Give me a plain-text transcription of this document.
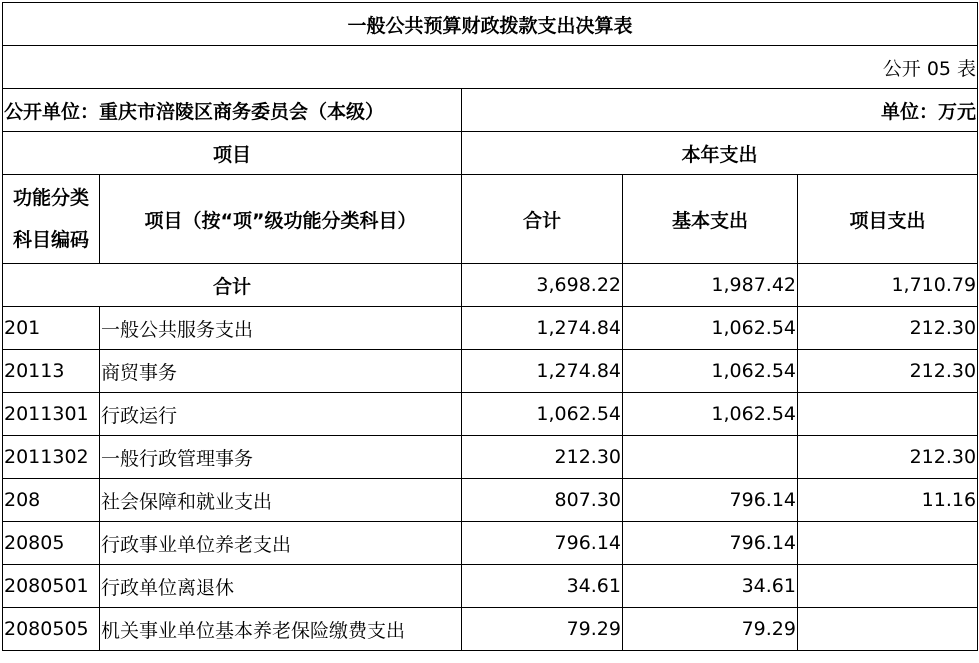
一般公共预算财政拨款支出决算表				
公开 05 表				
公开单位：重庆市涪陵区商务委员会（本级）		单位：万元		
项目		本年支出		
功能分类科目编码	项目（按“项”级功能分类科目）	合计	基本支出	项目支出
合计		3,698.22	1,987.42	1,710.79
201	一般公共服务支出	1,274.84	1,062.54	212.30
20113	商贸事务	1,274.84	1,062.54	212.30
2011301	行政运行	1,062.54	1,062.54	
2011302	一般行政管理事务	212.30		212.30
208	社会保障和就业支出	807.30	796.14	11.16
20805	行政事业单位养老支出	796.14	796.14	
2080501	行政单位离退休	34.61	34.61	
2080505	机关事业单位基本养老保险缴费支出	79.29	79.29	
